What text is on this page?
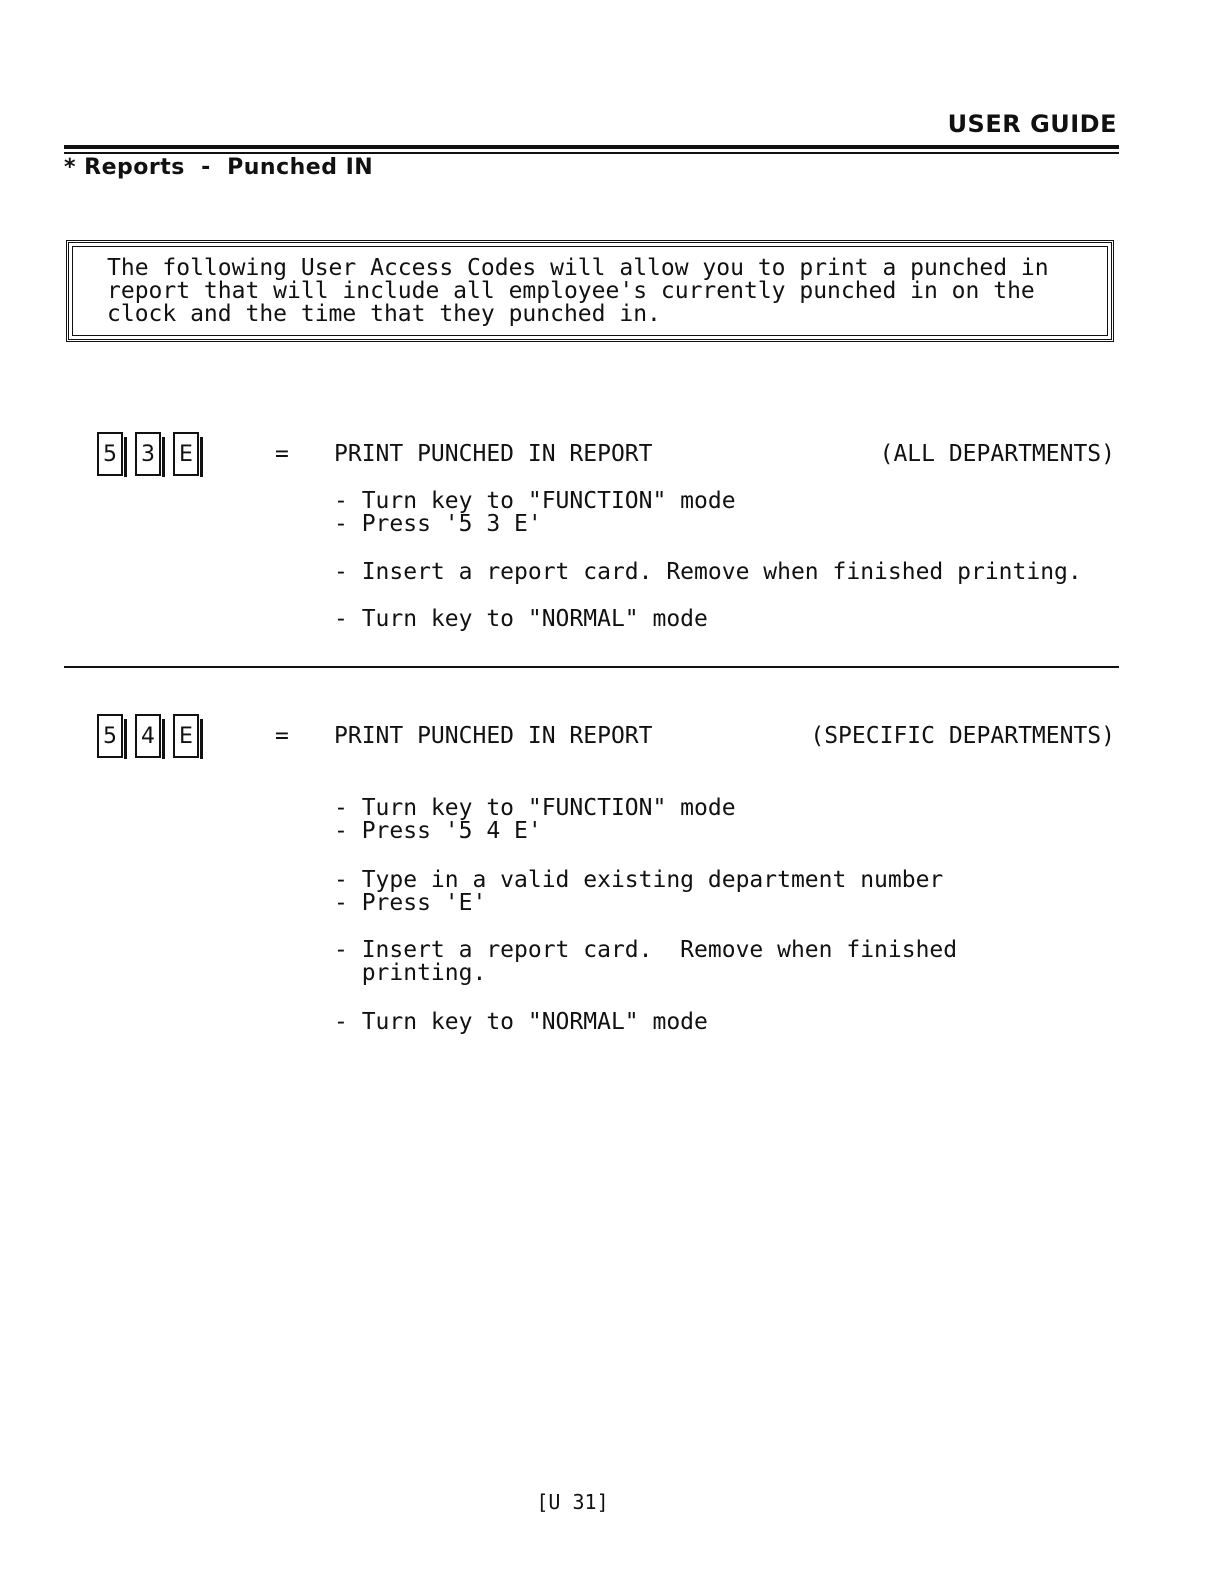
USER GUIDE
* Reports  -  Punched IN
The following User Access Codes will allow you to print a punched in
report that will include all employee's currently punched in on the
clock and the time that they punched in.
5 3 E	= PRINT PUNCHED IN REPORT	(ALL DEPARTMENTS)
- Turn key to "FUNCTION" mode
- Press '5 3 E'
- Insert a report card. Remove when finished printing.
- Turn key to "NORMAL" mode
5 4 E	= PRINT PUNCHED IN REPORT	(SPECIFIC DEPARTMENTS)
- Turn key to "FUNCTION" mode
- Press '5 4 E'
- Type in a valid existing department number
- Press 'E'
- Insert a report card.  Remove when finished
printing.
- Turn key to "NORMAL" mode
[U 31]
